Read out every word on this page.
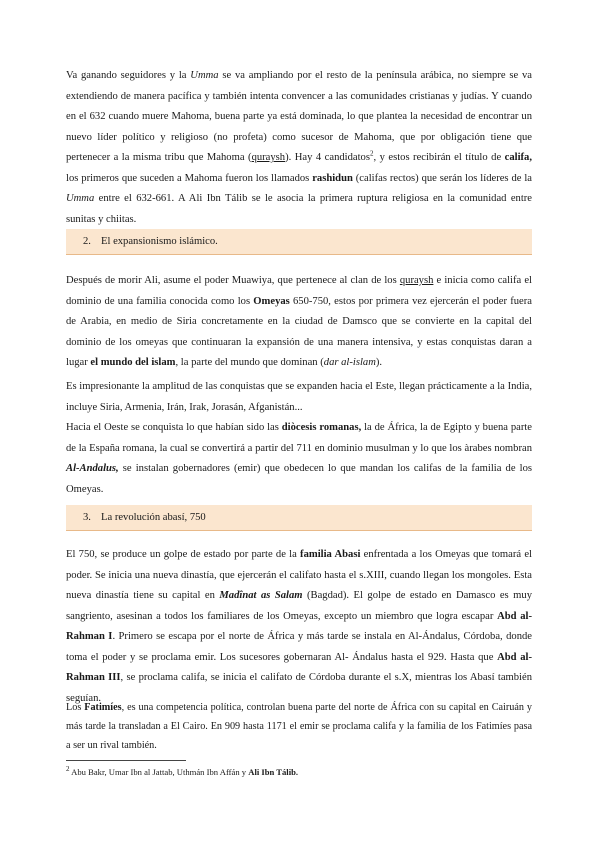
Va ganando seguidores y la Umma se va ampliando por el resto de la península arábica, no siempre se va extendiendo de manera pacífica y también intenta convencer a las comunidades cristianas y judías. Y cuando en el 632 cuando muere Mahoma, buena parte ya está dominada, lo que plantea la necesidad de encontrar un nuevo líder político y religioso (no profeta) como sucesor de Mahoma, que por obligación tiene que pertenecer a la misma tribu que Mahoma (quraysh). Hay 4 candidatos$^2$, y estos recibirán el título de califa, los primeros que suceden a Mahoma fueron los llamados rashidun (califas rectos) que serán los líderes de la Umma entre el 632-661. A Ali Ibn Tálib se le asocia la primera ruptura religiosa en la comunidad entre sunitas y chiitas.

2. El expansionismo islámico.

Después de morir Ali, asume el poder Muawiya, que pertenece al clan de los quraysh e inicia como califa el dominio de una familia conocida como los Omeyas 650-750, estos por primera vez ejercerán el poder fuera de Arabia, en medio de Siria concretamente en la ciudad de Damsco que se convierte en la capital del dominio de los omeyas que continuaran la expansión de una manera intensiva, y estas conquistas daran a lugar el mundo del islam, la parte del mundo que dominan (dar al-islam).

Es impresionante la amplitud de las conquistas que se expanden hacia el Este, llegan prácticamente a la India, incluye Siria, Armenia, Irán, Irak, Jorasán, Afganistán...
Hacia el Oeste se conquista lo que habían sido las diòcesis romanas, la de África, la de Egipto y buena parte de la España romana, la cual se convertirá a partir del 711 en dominio musulman y lo que los àrabes nombran Al-Andalus, se instalan gobernadores (emir) que obedecen lo que mandan los califas de la familia de los Omeyas.

3. La revolución abasí, 750

El 750, se produce un golpe de estado por parte de la familia Abasi enfrentada a los Omeyas que tomará el poder. Se inicia una nueva dinastía, que ejercerán el califato hasta el s.XIII, cuando llegan los mongoles. Esta nueva dinastía tiene su capital en Madînat as Salam (Bagdad). El golpe de estado en Damasco es muy sangriento, asesinan a todos los familiares de los Omeyas, excepto un miembro que logra escapar Abd al- Rahman I. Primero se escapa por el norte de África y más tarde se instala en Al-Ándalus, Córdoba, donde toma el poder y se proclama emir. Los sucesores gobernaran Al- Ándalus hasta el 929. Hasta que Abd al- Rahman III, se proclama califa, se inicia el califato de Córdoba durante el s.X, mientras los Abasí también seguían.

Los Fatimíes, es una competencia política, controlan buena parte del norte de África con su capital en Cairuán y más tarde la transladan a El Cairo. En 909 hasta 1171 el emir se proclama califa y la familia de los Fatimíes pasa a ser un rival también.

$^2$ Abu Bakr, Umar Ibn al Jattab, Uthmán Ibn Affán y Ali Ibn Tálib.
